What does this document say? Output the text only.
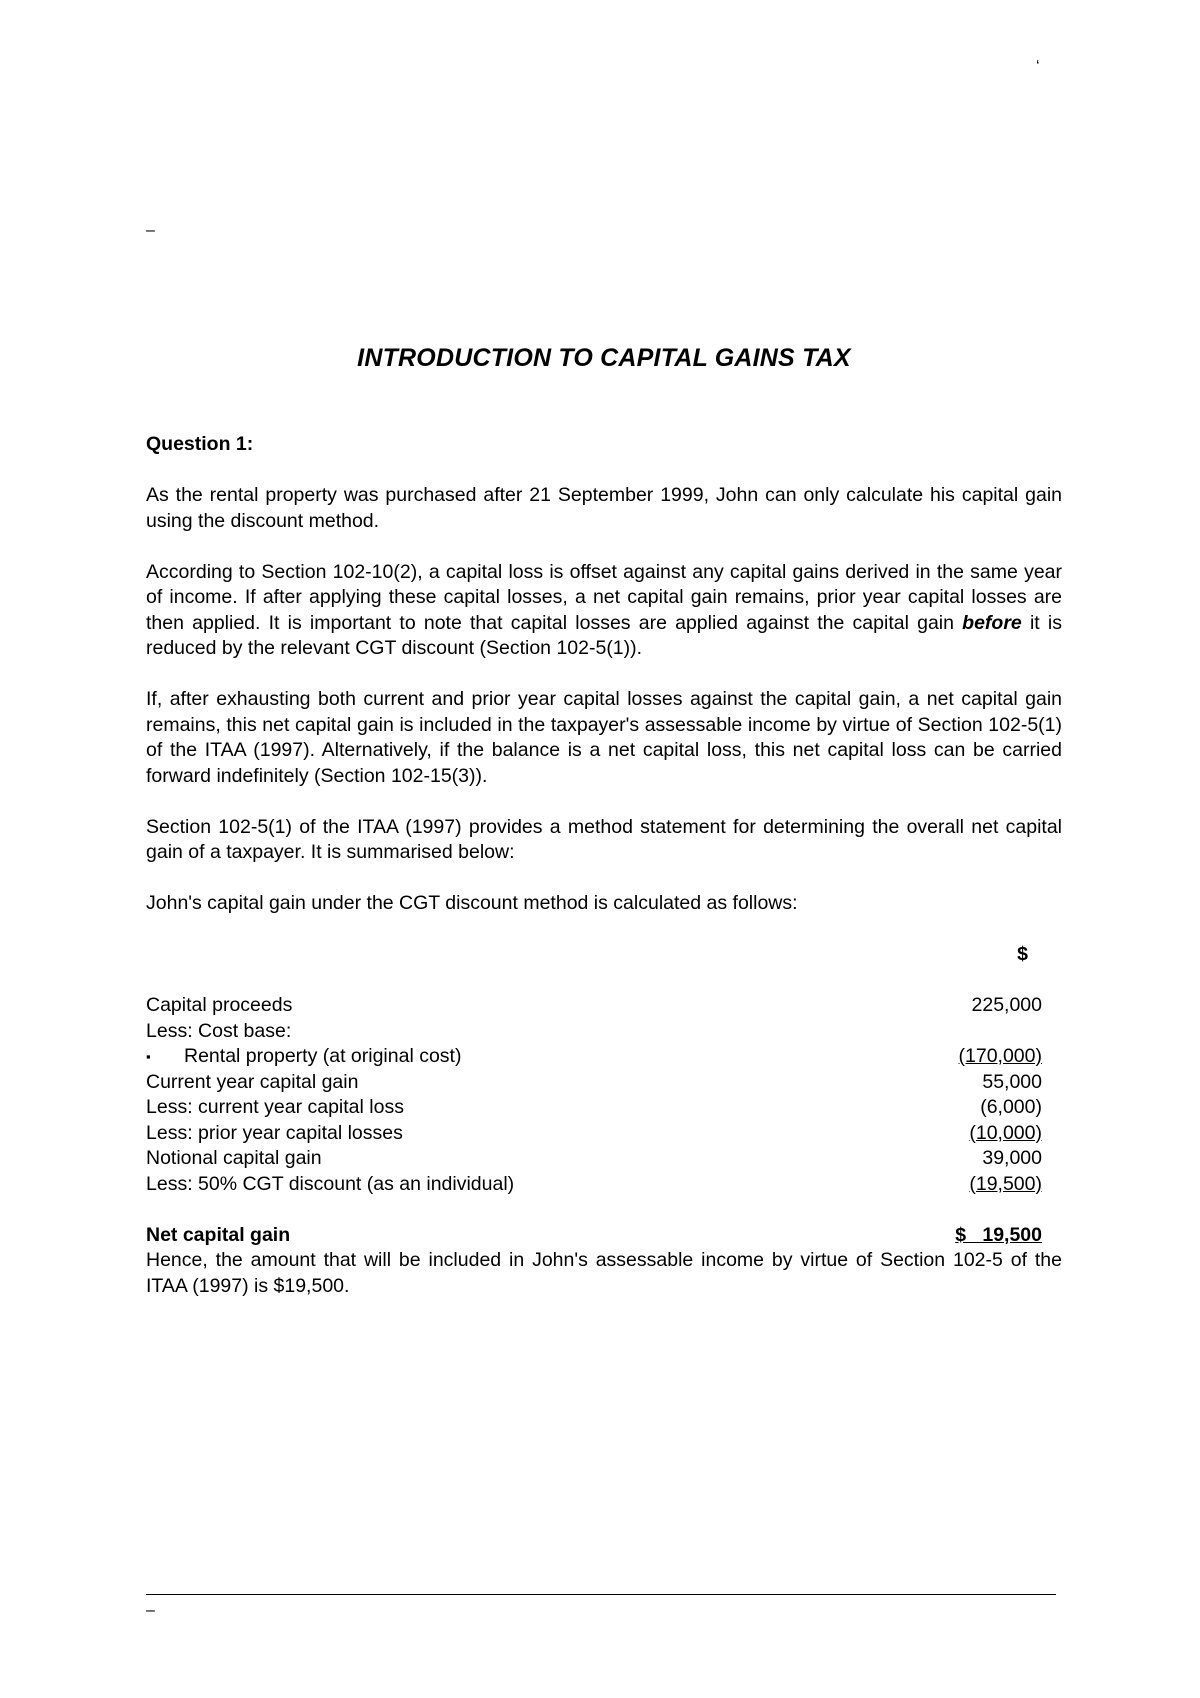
‘
–
INTRODUCTION TO CAPITAL GAINS TAX

Question 1:

As the rental property was purchased after 21 September 1999, John can only calculate his capital gain using the discount method.

According to Section 102-10(2), a capital loss is offset against any capital gains derived in the same year of income. If after applying these capital losses, a net capital gain remains, prior year capital losses are then applied. It is important to note that capital losses are applied against the capital gain before it is reduced by the relevant CGT discount (Section 102-5(1)).

If, after exhausting both current and prior year capital losses against the capital gain, a net capital gain remains, this net capital gain is included in the taxpayer's assessable income by virtue of Section 102-5(1) of the ITAA (1997). Alternatively, if the balance is a net capital loss, this net capital loss can be carried forward indefinitely (Section 102-15(3)).

Section 102-5(1) of the ITAA (1997) provides a method statement for determining the overall net capital gain of a taxpayer. It is summarised below:

John's capital gain under the CGT discount method is calculated as follows:

	$
Capital proceeds	225,000
Less: Cost base:	
▪ Rental property (at original cost)	(170,000)
Current year capital gain	55,000
Less: current year capital loss	(6,000)
Less: prior year capital losses	(10,000)
Notional capital gain	39,000
Less: 50% CGT discount (as an individual)	(19,500)

Net capital gain	$   19,500

Hence, the amount that will be included in John's assessable income by virtue of Section 102-5 of the ITAA (1997) is $19,500.

–
